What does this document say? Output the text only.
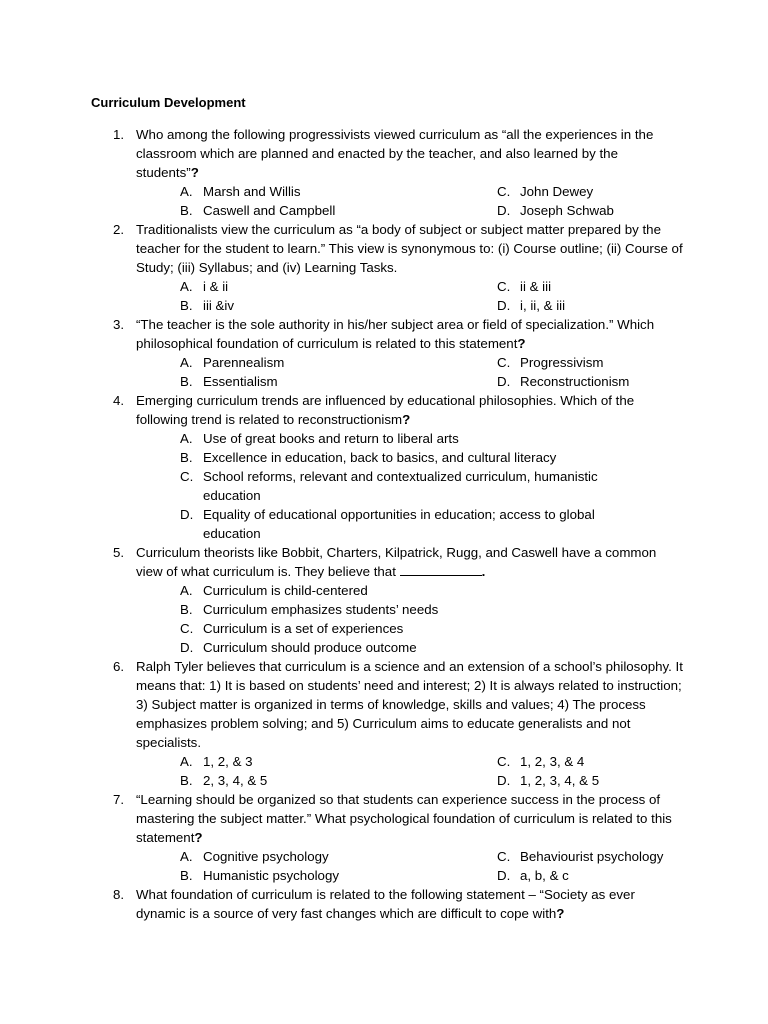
Curriculum Development
1. Who among the following progressivists viewed curriculum as “all the experiences in the classroom which are planned and enacted by the teacher, and also learned by the students”?
A. Marsh and Willis	C. John Dewey
B. Caswell and Campbell	D. Joseph Schwab
2. Traditionalists view the curriculum as “a body of subject or subject matter prepared by the teacher for the student to learn.” This view is synonymous to: (i) Course outline; (ii) Course of Study; (iii) Syllabus; and (iv) Learning Tasks.
A. i & ii	C. ii & iii
B. iii &iv	D. i, ii, & iii
3. “The teacher is the sole authority in his/her subject area or field of specialization.” Which philosophical foundation of curriculum is related to this statement?
A. Parennealism	C. Progressivism
B. Essentialism	D. Reconstructionism
4. Emerging curriculum trends are influenced by educational philosophies. Which of the following trend is related to reconstructionism?
A. Use of great books and return to liberal arts
B. Excellence in education, back to basics, and cultural literacy
C. School reforms, relevant and contextualized curriculum, humanistic education
D. Equality of educational opportunities in education; access to global education
5. Curriculum theorists like Bobbit, Charters, Kilpatrick, Rugg, and Caswell have a common view of what curriculum is. They believe that	.
A. Curriculum is child-centered
B. Curriculum emphasizes students’ needs
C. Curriculum is a set of experiences
D. Curriculum should produce outcome
6. Ralph Tyler believes that curriculum is a science and an extension of a school’s philosophy. It means that: 1) It is based on students’ need and interest; 2) It is always related to instruction; 3) Subject matter is organized in terms of knowledge, skills and values; 4) The process emphasizes problem solving; and 5) Curriculum aims to educate generalists and not specialists.
A. 1, 2, & 3	C. 1, 2, 3, & 4
B. 2, 3, 4, & 5	D. 1, 2, 3, 4, & 5
7. “Learning should be organized so that students can experience success in the process of mastering the subject matter.” What psychological foundation of curriculum is related to this statement?
A. Cognitive psychology	C. Behaviourist psychology
B. Humanistic psychology	D. a, b, & c
8. What foundation of curriculum is related to the following statement – “Society as ever dynamic is a source of very fast changes which are difficult to cope with?
